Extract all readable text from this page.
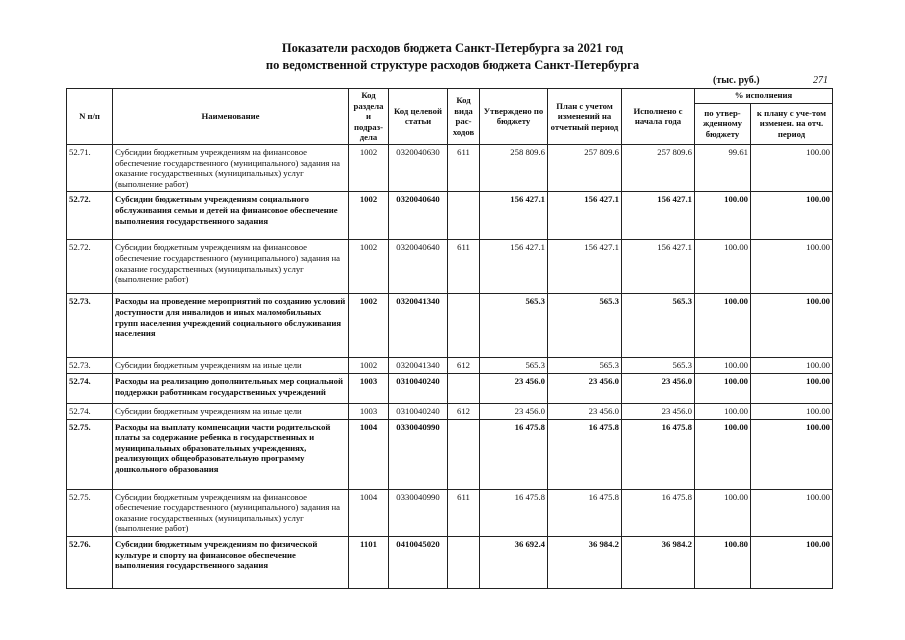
Показатели расходов бюджета Санкт-Петербурга за 2021 год
по ведомственной структуре расходов бюджета Санкт-Петербурга
(тыс. руб.)	271
N п/п	Наименование	Код раздела и подраз-дела	Код целевой статьи	Код вида рас-ходов	Утверждено по бюджету	План с учетом изменений на отчетный период	Исполнено с начала года	% исполнения	
								по утвер-жденному бюджету	к плану с уче-том изменен. на отч. период
52.71.	Субсидии бюджетным учреждениям на финансовое обеспечение государственного (муниципального) задания на оказание государственных (муниципальных) услуг (выполнение работ)	1002	0320040630	611	258 809.6	257 809.6	257 809.6	99.61	100.00
52.72.	Субсидии бюджетным учреждениям социального обслуживания семьи и детей на финансовое обеспечение выполнения государственного задания	1002	0320040640		156 427.1	156 427.1	156 427.1	100.00	100.00
52.72.	Субсидии бюджетным учреждениям на финансовое обеспечение государственного (муниципального) задания на оказание государственных (муниципальных) услуг (выполнение работ)	1002	0320040640	611	156 427.1	156 427.1	156 427.1	100.00	100.00
52.73.	Расходы на проведение мероприятий по созданию условий доступности для инвалидов и иных маломобильных групп населения учреждений социального обслуживания населения	1002	0320041340		565.3	565.3	565.3	100.00	100.00
52.73.	Субсидии бюджетным учреждениям на иные цели	1002	0320041340	612	565.3	565.3	565.3	100.00	100.00
52.74.	Расходы на реализацию дополнительных мер социальной поддержки работникам государственных учреждений	1003	0310040240		23 456.0	23 456.0	23 456.0	100.00	100.00
52.74.	Субсидии бюджетным учреждениям на иные цели	1003	0310040240	612	23 456.0	23 456.0	23 456.0	100.00	100.00
52.75.	Расходы на выплату компенсации части родительской платы за содержание ребенка в государственных и муниципальных образовательных учреждениях, реализующих общеобразовательную программу дошкольного образования	1004	0330040990		16 475.8	16 475.8	16 475.8	100.00	100.00
52.75.	Субсидии бюджетным учреждениям на финансовое обеспечение государственного (муниципального) задания на оказание государственных (муниципальных) услуг (выполнение работ)	1004	0330040990	611	16 475.8	16 475.8	16 475.8	100.00	100.00
52.76.	Субсидии бюджетным учреждениям по физической культуре и спорту на финансовое обеспечение выполнения государственного задания	1101	0410045020		36 692.4	36 984.2	36 984.2	100.80	100.00
